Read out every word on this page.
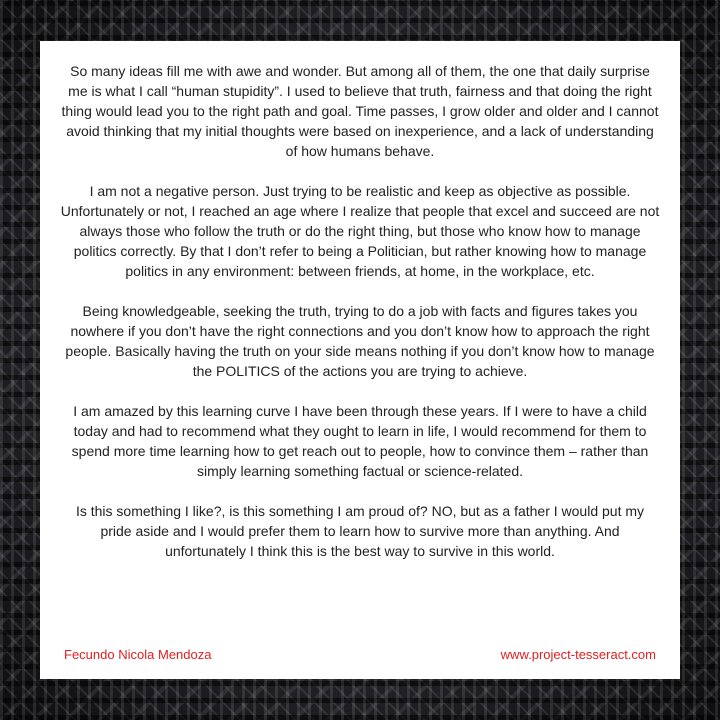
So many ideas fill me with awe and wonder. But among all of them, the one that daily surprise me is what I call “human stupidity”. I used to believe that truth, fairness and that doing the right thing would lead you to the right path and goal. Time passes, I grow older and older and I cannot avoid thinking that my initial thoughts were based on inexperience, and a lack of understanding of how humans behave.

I am not a negative person. Just trying to be realistic and keep as objective as possible. Unfortunately or not, I reached an age where I realize that people that excel and succeed are not always those who follow the truth or do the right thing, but those who know how to manage politics correctly. By that I don’t refer to being a Politician, but rather knowing how to manage politics in any environment: between friends, at home, in the workplace, etc.

Being knowledgeable, seeking the truth, trying to do a job with facts and figures takes you nowhere if you don’t have the right connections and you don’t know how to approach the right people. Basically having the truth on your side means nothing if you don’t know how to manage the POLITICS of the actions you are trying to achieve.

I am amazed by this learning curve I have been through these years. If I were to have a child today and had to recommend what they ought to learn in life, I would recommend for them to spend more time learning how to get reach out to people, how to convince them – rather than simply learning something factual or science-related.

Is this something I like?, is this something I am proud of? NO, but as a father I would put my pride aside and I would prefer them to learn how to survive more than anything. And unfortunately I think this is the best way to survive in this world.

Fecundo Nicola Mendoza	www.project-tesseract.com
